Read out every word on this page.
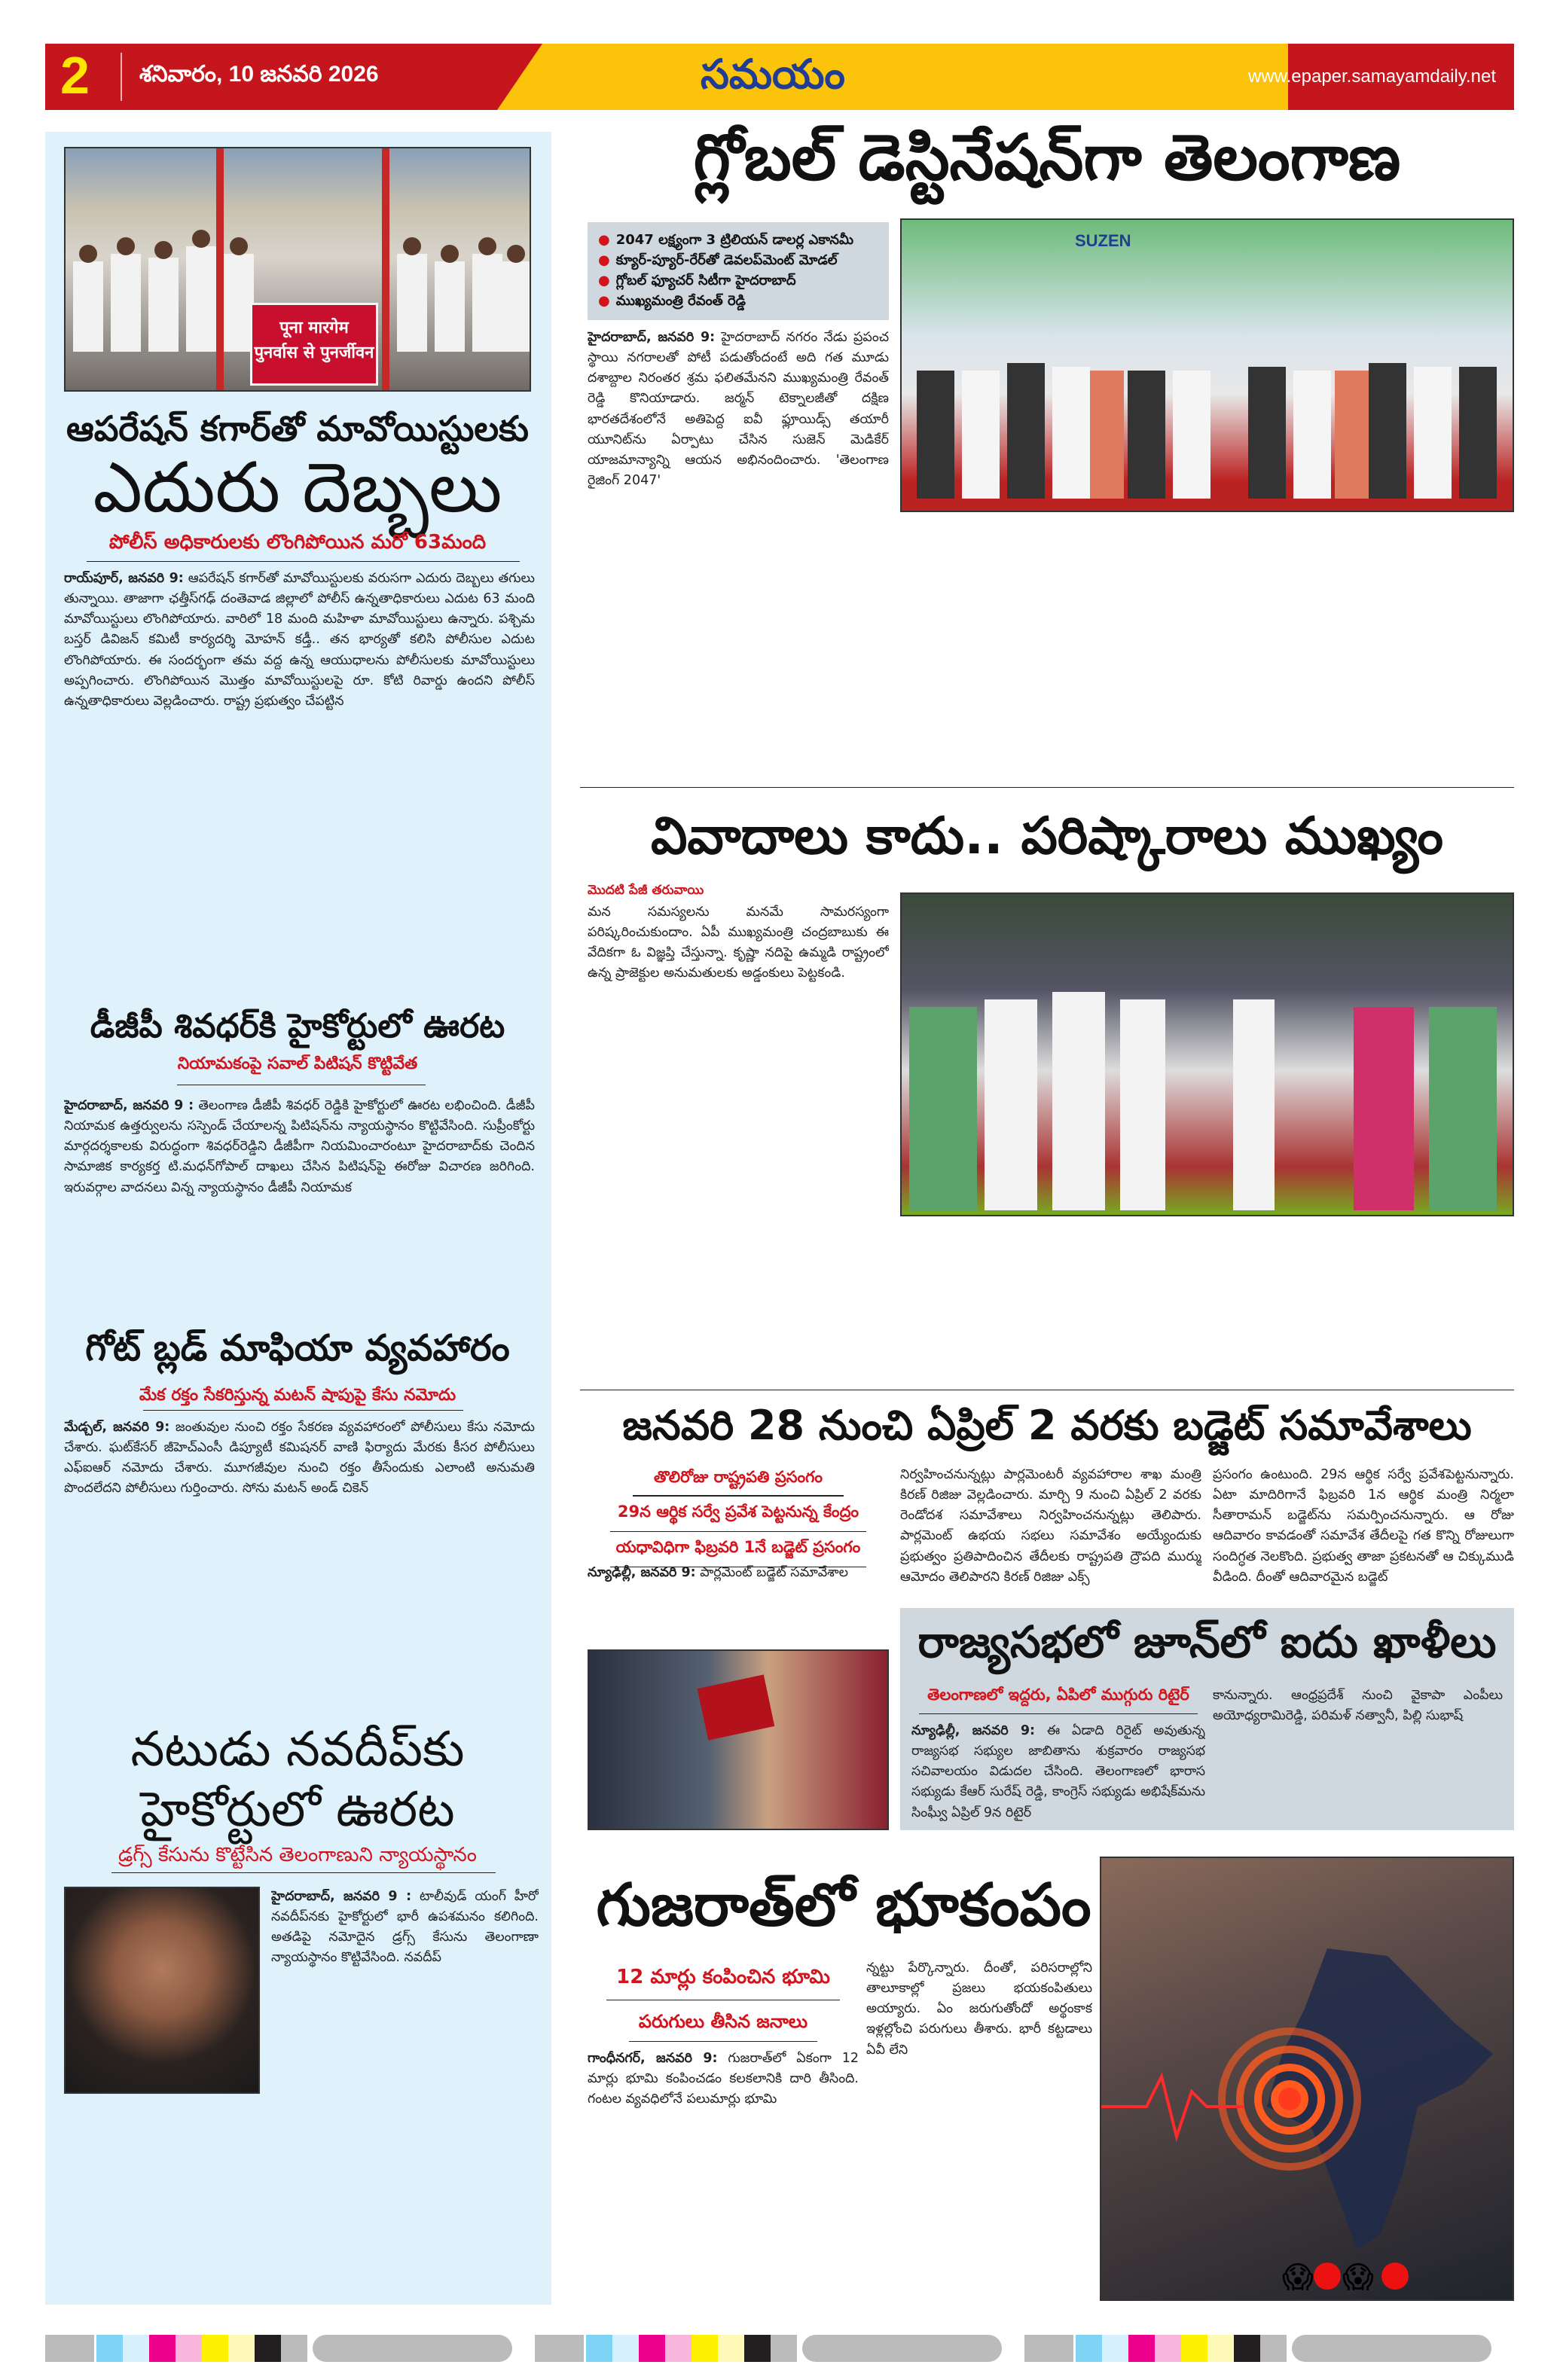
2 శనివారం, 10 జనవరి 2026	సమయం	www.epaper.samayamdaily.net
पूना मारगेम
पुनर्वास से पुनर्जीवन
ఆపరేషన్ కగార్‌తో మావోయిస్టులకు
ఎదురు దెబ్బలు
పోలీస్ అధికారులకు లొంగిపోయిన మరో 63మంది
రాయ్‌పూర్, జనవరి 9: ఆపరేషన్ కగార్‌తో మావోయిస్టులకు వరుసగా ఎదురు దెబ్బలు తగులు తున్నాయి. తాజాగా ఛత్తీస్‌గఢ్ దంతెవాడ జిల్లాలో పోలీస్ ఉన్నతాధికారులు ఎదుట 63 మంది మావోయిస్టులు లొంగిపోయారు. వారిలో 18 మంది మహిళా మావోయిస్టులు ఉన్నారు. పశ్చిమ బస్తర్ డివిజన్ కమిటీ కార్యదర్శి మోహన్ కడ్తీ.. తన భార్యతో కలిసి పోలీసుల ఎదుట లొంగిపోయారు. ఈ సందర్భంగా తమ వద్ద ఉన్న ఆయుధాలను పోలీసులకు మావోయిస్టులు అప్పగించారు. లొంగిపోయిన మొత్తం మావోయిస్టులపై రూ. కోటి రివార్డు ఉందని పోలీస్ ఉన్నతాధికారులు వెల్లడించారు. రాష్ట్ర ప్రభుత్వం చేపట్టిన
డీజీపీ శివధర్‌కి హైకోర్టులో ఊరట
నియామకంపై సవాల్ పిటిషన్ కొట్టివేత
హైదరాబాద్, జనవరి 9 : తెలంగాణ డీజీపీ శివధర్ రెడ్డికి హైకోర్టులో ఊరట లభించింది. డీజీపీ నియామక ఉత్తర్వులను సస్పెండ్ చేయాలన్న పిటిషన్‌ను న్యాయస్థానం కొట్టివేసింది. సుప్రీంకోర్టు మార్గదర్శకాలకు విరుద్ధంగా శివధర్‌రెడ్డిని డీజీపీగా నియమించారంటూ హైదరాబాద్‌కు చెందిన సామాజిక కార్యకర్త టి.మధన్‌గోపాల్ దాఖలు చేసిన పిటిషన్‌పై ఈరోజు విచారణ జరిగింది. ఇరువర్గాల వాదనలు విన్న న్యాయస్థానం డీజీపీ నియామక
గోట్ బ్లడ్ మాఫియా వ్యవహారం
మేక రక్తం సేకరిస్తున్న మటన్ షాపుపై కేసు నమోదు
మేడ్చల్, జనవరి 9: జంతువుల నుంచి రక్తం సేకరణ వ్యవహారంలో పోలీసులు కేసు నమోదు చేశారు. ఘట్‌కేసర్ జీహెచ్‌ఎంసీ డిప్యూటీ కమిషనర్ వాణి ఫిర్యాదు మేరకు కీసర పోలీసులు ఎఫ్ఐఆర్ నమోదు చేశారు. మూగజీవుల నుంచి రక్తం తీసేందుకు ఎలాంటి అనుమతి పొందలేదని పోలీసులు గుర్తించారు. సోను మటన్ అండ్ చికెన్
నటుడు నవదీప్‌కు
హైకోర్టులో ఊరట
డ్రగ్స్ కేసును కొట్టేసిన తెలంగాణుని న్యాయస్థానం
హైదరాబాద్, జనవరి 9 : టాలీవుడ్ యంగ్ హీరో నవదీప్‌నకు హైకోర్టులో భారీ ఉపశమనం కలిగింది. అతడిపై నమోదైన డ్రగ్స్ కేసును తెలంగాణా న్యాయస్థానం కొట్టివేసింది. నవదీప్
గ్లోబల్ డెస్టినేషన్‌గా తెలంగాణ
● 2047 లక్ష్యంగా 3 ట్రిలియన్ డాలర్ల ఎకానమీ
● క్యూర్-ప్యూర్-రేర్‌తో డెవలప్‌మెంట్ మోడల్
● గ్లోబల్ ఫ్యూచర్ సిటీగా హైదరాబాద్
● ముఖ్యమంత్రి రేవంత్ రెడ్డి
SUZEN
హైదరాబాద్, జనవరి 9: హైదరాబాద్ నగరం నేడు ప్రపంచ స్థాయి నగరాలతో పోటీ పడుతోందంటే అది గత మూడు దశాబ్దాల నిరంతర శ్రమ ఫలితమేనని ముఖ్యమంత్రి రేవంత్ రెడ్డి కొనియాడారు. జర్మన్ టెక్నాలజీతో దక్షిణ భారతదేశంలోనే అతిపెద్ద ఐవీ ఫ్లూయిడ్స్ తయారీ యూనిట్‌ను ఏర్పాటు చేసిన సుజెన్ మెడికేర్ యాజమాన్యాన్ని ఆయన అభినందించారు. 'తెలంగాణ రైజింగ్ 2047'
వివాదాలు కాదు.. పరిష్కారాలు ముఖ్యం
మొదటి పేజీ తరువాయి
మన సమస్యలను మనమే సామరస్యంగా పరిష్కరించుకుందాం. ఏపీ ముఖ్యమంత్రి చంద్రబాబుకు ఈ వేదికగా ఓ విజ్ఞప్తి చేస్తున్నా. కృష్ణా నదిపై ఉమ్మడి రాష్ట్రంలో ఉన్న ప్రాజెక్టుల అనుమతులకు అడ్డంకులు పెట్టకండి.
జనవరి 28 నుంచి ఏప్రిల్ 2 వరకు బడ్జెట్ సమావేశాలు
తొలిరోజు రాష్ట్రపతి ప్రసంగం
29న ఆర్థిక సర్వే ప్రవేశ పెట్టనున్న కేంద్రం
యధావిధిగా ఫిబ్రవరి 1నే బడ్జెట్ ప్రసంగం
న్యూఢిల్లీ, జనవరి 9: పార్లమెంట్ బడ్జెట్ సమావేశాల
నిర్వహించనున్నట్లు పార్లమెంటరీ వ్యవహారాల శాఖ మంత్రి కిరణ్ రిజిజు వెల్లడించారు. మార్చి 9 నుంచి ఏప్రిల్ 2 వరకు రెండోదశ సమావేశాలు నిర్వహించనున్నట్లు తెలిపారు. పార్లమెంట్ ఉభయ సభలు సమావేశం అయ్యేందుకు ప్రభుత్వం ప్రతిపాదించిన తేదీలకు రాష్ట్రపతి ద్రౌపది ముర్ము ఆమోదం తెలిపారని కిరణ్ రిజిజు ఎక్స్
ప్రసంగం ఉంటుంది. 29న ఆర్థిక సర్వే ప్రవేశపెట్టనున్నారు. ఏటా మాదిరిగానే ఫిబ్రవరి 1న ఆర్థిక మంత్రి నిర్మలా సీతారామన్ బడ్జెట్‌ను సమర్పించనున్నారు. ఆ రోజు ఆదివారం కావడంతో సమావేశ తేదీలపై గత కొన్ని రోజులుగా సందిగ్ధత నెలకొంది. ప్రభుత్వ తాజా ప్రకటనతో ఆ చిక్కుముడి వీడింది. దీంతో ఆదివారమైన బడ్జెట్
రాజ్యసభలో జూన్‌లో ఐదు ఖాళీలు
తెలంగాణలో ఇద్దరు, ఏపిలో ముగ్గురు రిటైర్
న్యూఢిల్లీ, జనవరి 9: ఈ ఏడాది రిరైట్ అవుతున్న రాజ్యసభ సభ్యుల జాబితాను శుక్రవారం రాజ్యసభ సచివాలయం విడుదల చేసింది. తెలంగాణలో భారాస సభ్యుడు కేఆర్ సురేష్ రెడ్డి, కాంగ్రెస్ సభ్యుడు అభిషేక్‌మను సింఘ్వీ ఏప్రిల్ 9న రిటైర్
కానున్నారు. ఆంధ్రప్రదేశ్ నుంచి వైకాపా ఎంపీలు అయోధ్యరామిరెడ్డి, పరిమళ్ నత్వానీ, పిల్లి సుభాష్
గుజరాత్‌లో భూకంపం
12 మార్లు కంపించిన భూమి
పరుగులు తీసిన జనాలు
గాంధీనగర్, జనవరి 9: గుజరాత్‌లో ఏకంగా 12 మార్లు భూమి కంపించడం కలకలానికి దారి తీసింది. గంటల వ్యవధిలోనే పలుమార్లు భూమి
న్నట్టు పేర్కొన్నారు. దీంతో, పరిసరాల్లోని తాలూకాల్లో ప్రజలు భయకంపితులు అయ్యారు. ఏం జరుగుతోందో అర్థంకాక ఇళ్లల్లోంచి పరుగులు తీశారు. భారీ కట్టడాలు ఏవీ లేని
😱 😱
